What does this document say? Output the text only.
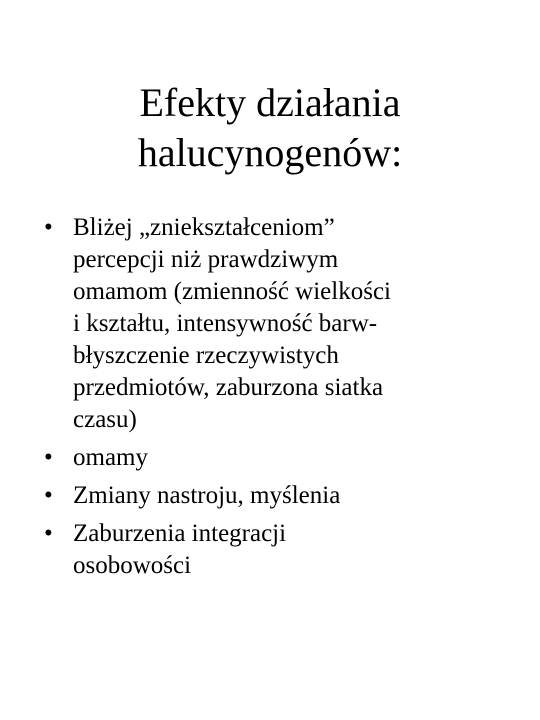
Efekty działania
halucynogenów:
• Bliżej „zniekształceniom”
percepcji niż prawdziwym
omamom (zmienność wielkości
i kształtu, intensywność barw-
błyszczenie rzeczywistych
przedmiotów, zaburzona siatka
czasu)
• omamy
• Zmiany nastroju, myślenia
• Zaburzenia integracji
osobowości
